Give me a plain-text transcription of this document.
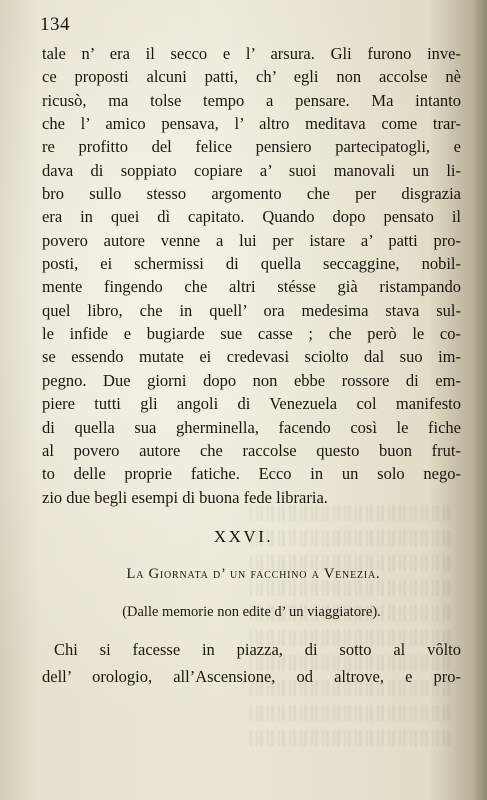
134
tale n’ era il secco e l’ arsura. Gli furono inve-
ce proposti alcuni patti, ch’ egli non accolse nè
ricusò, ma tolse tempo a pensare. Ma intanto
che l’ amico pensava, l’ altro meditava come trar-
re profitto del felice pensiero partecipatogli, e
dava di soppiato copiare a’ suoi manovali un li-
bro sullo stesso argomento che per disgrazia
era in quei dì capitato. Quando dopo pensato il
povero autore venne a lui per istare a’ patti pro-
posti, ei schermissi di quella seccaggine, nobil-
mente fingendo che altri stésse già ristampando
quel libro, che in quell’ ora medesima stava sul-
le infide e bugiarde sue casse ; che però le co-
se essendo mutate ei credevasi sciolto dal suo im-
pegno. Due giorni dopo non ebbe rossore di em-
piere tutti gli angoli di Venezuela col manifesto
di quella sua gherminella, facendo così le fiche
al povero autore che raccolse questo buon frut-
to delle proprie fatiche. Ecco in un solo nego-
zio due begli esempi di buona fede libraria.
XXVI.
La Giornata d’ un facchino a Venezia.
(Dalle memorie non edite d’ un viaggiatore).
Chi si facesse in piazza, di sotto al vôlto
dell’ orologio, all’Ascensione, od altrove, e pro-
